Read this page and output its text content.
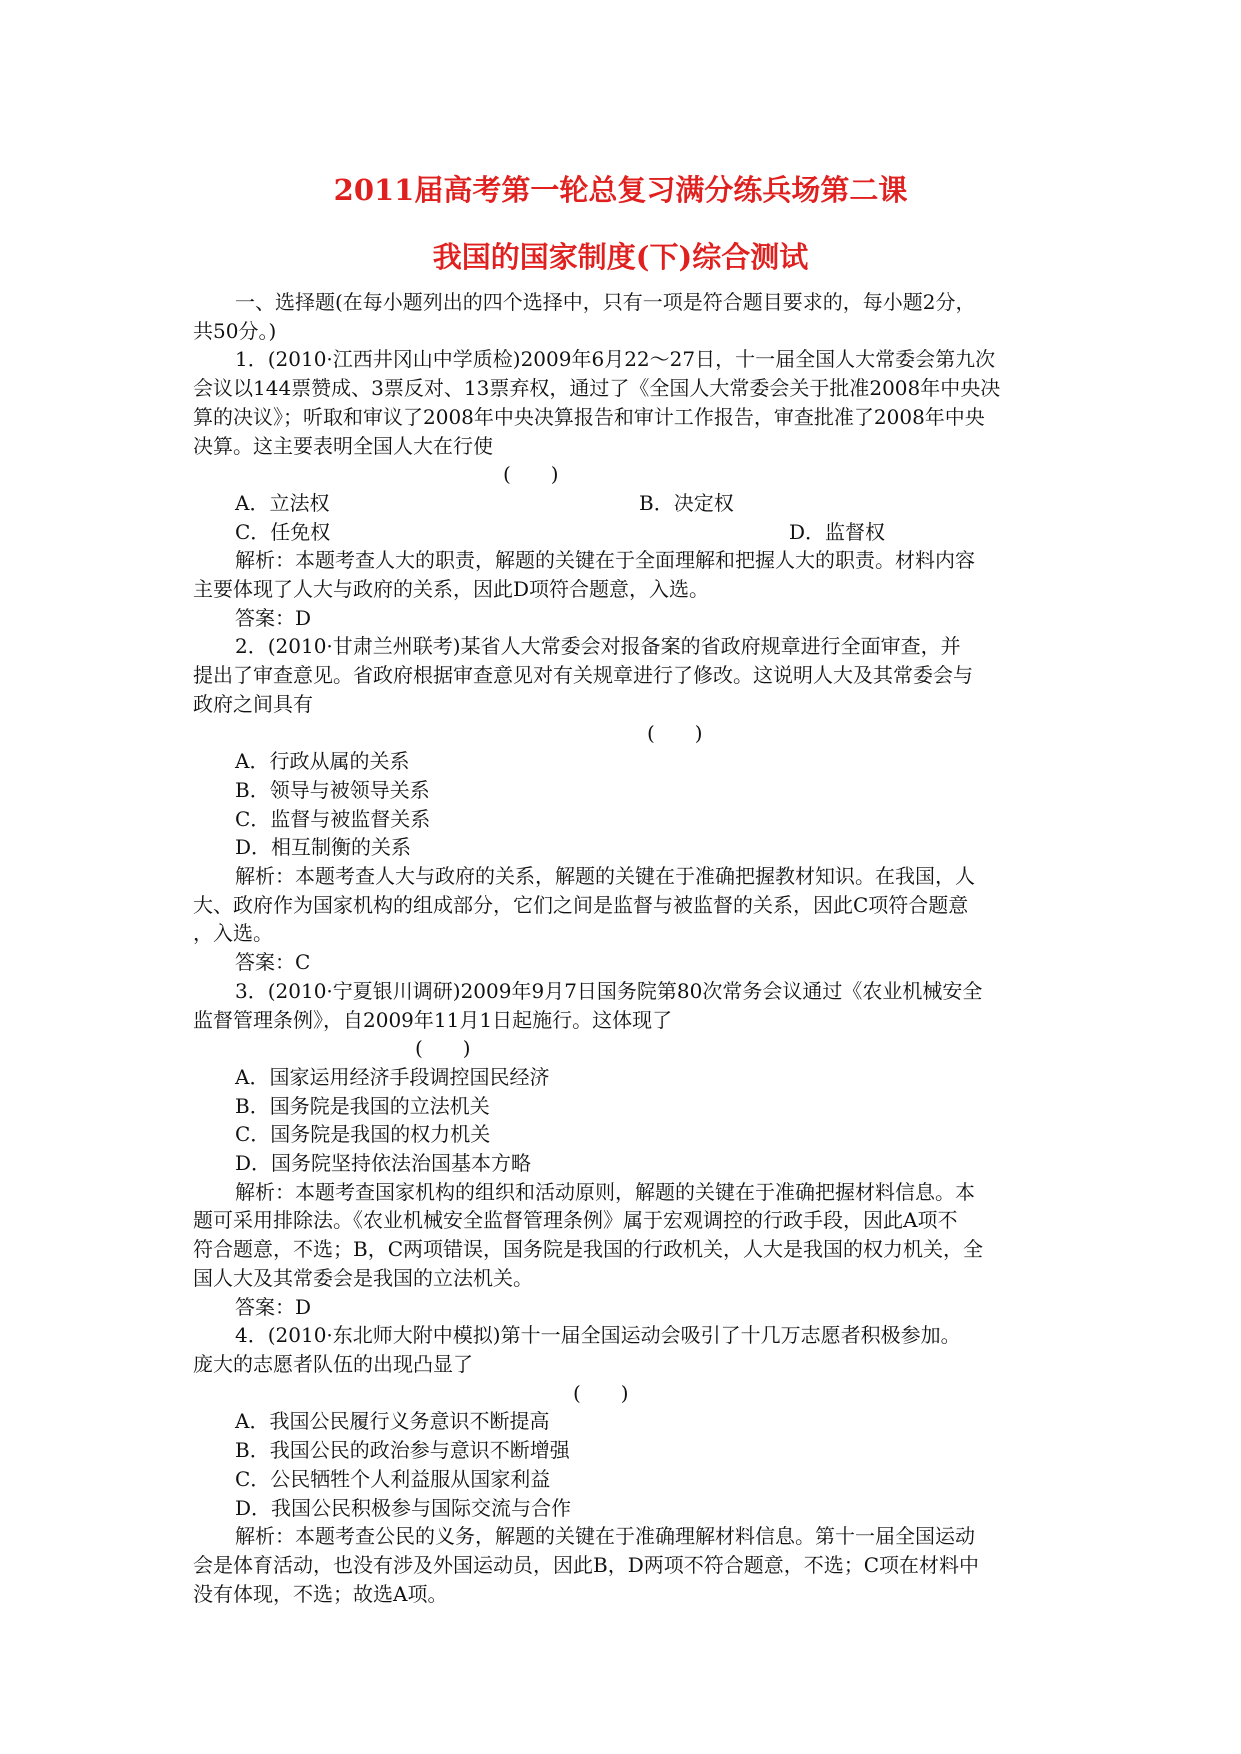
2011届高考第一轮总复习满分练兵场第二课
我国的国家制度(下)综合测试

一、选择题(在每小题列出的四个选择中，只有一项是符合题目要求的，每小题2分，

共50分。)

1．(2010·江西井冈山中学质检)2009年6月22～27日，十一届全国人大常委会第九次

会议以144票赞成、3票反对、13票弃权，通过了《全国人大常委会关于批准2008年中央决

算的决议》；听取和审议了2008年中央决算报告和审计工作报告，审查批准了2008年中央

决算。这主要表明全国人大在行使

(　　)

A．立法权	B．决定权
C．任免权	D．监督权

解析：本题考查人大的职责，解题的关键在于全面理解和把握人大的职责。材料内容

主要体现了人大与政府的关系，因此D项符合题意，入选。

答案：D

2．(2010·甘肃兰州联考)某省人大常委会对报备案的省政府规章进行全面审查，并

提出了审查意见。省政府根据审查意见对有关规章进行了修改。这说明人大及其常委会与

政府之间具有

(　　)

A．行政从属的关系

B．领导与被领导关系

C．监督与被监督关系

D．相互制衡的关系

解析：本题考查人大与政府的关系，解题的关键在于准确把握教材知识。在我国，人

大、政府作为国家机构的组成部分，它们之间是监督与被监督的关系，因此C项符合题意

，入选。

答案：C

3．(2010·宁夏银川调研)2009年9月7日国务院第80次常务会议通过《农业机械安全

监督管理条例》，自2009年11月1日起施行。这体现了

(　　)

A．国家运用经济手段调控国民经济

B．国务院是我国的立法机关

C．国务院是我国的权力机关

D．国务院坚持依法治国基本方略

解析：本题考查国家机构的组织和活动原则，解题的关键在于准确把握材料信息。本

题可采用排除法。《农业机械安全监督管理条例》属于宏观调控的行政手段，因此A项不

符合题意，不选；B，C两项错误，国务院是我国的行政机关，人大是我国的权力机关，全

国人大及其常委会是我国的立法机关。

答案：D

4．(2010·东北师大附中模拟)第十一届全国运动会吸引了十几万志愿者积极参加。

庞大的志愿者队伍的出现凸显了

(　　)

A．我国公民履行义务意识不断提高

B．我国公民的政治参与意识不断增强

C．公民牺牲个人利益服从国家利益

D．我国公民积极参与国际交流与合作

解析：本题考查公民的义务，解题的关键在于准确理解材料信息。第十一届全国运动

会是体育活动，也没有涉及外国运动员，因此B，D两项不符合题意，不选；C项在材料中

没有体现，不选；故选A项。
